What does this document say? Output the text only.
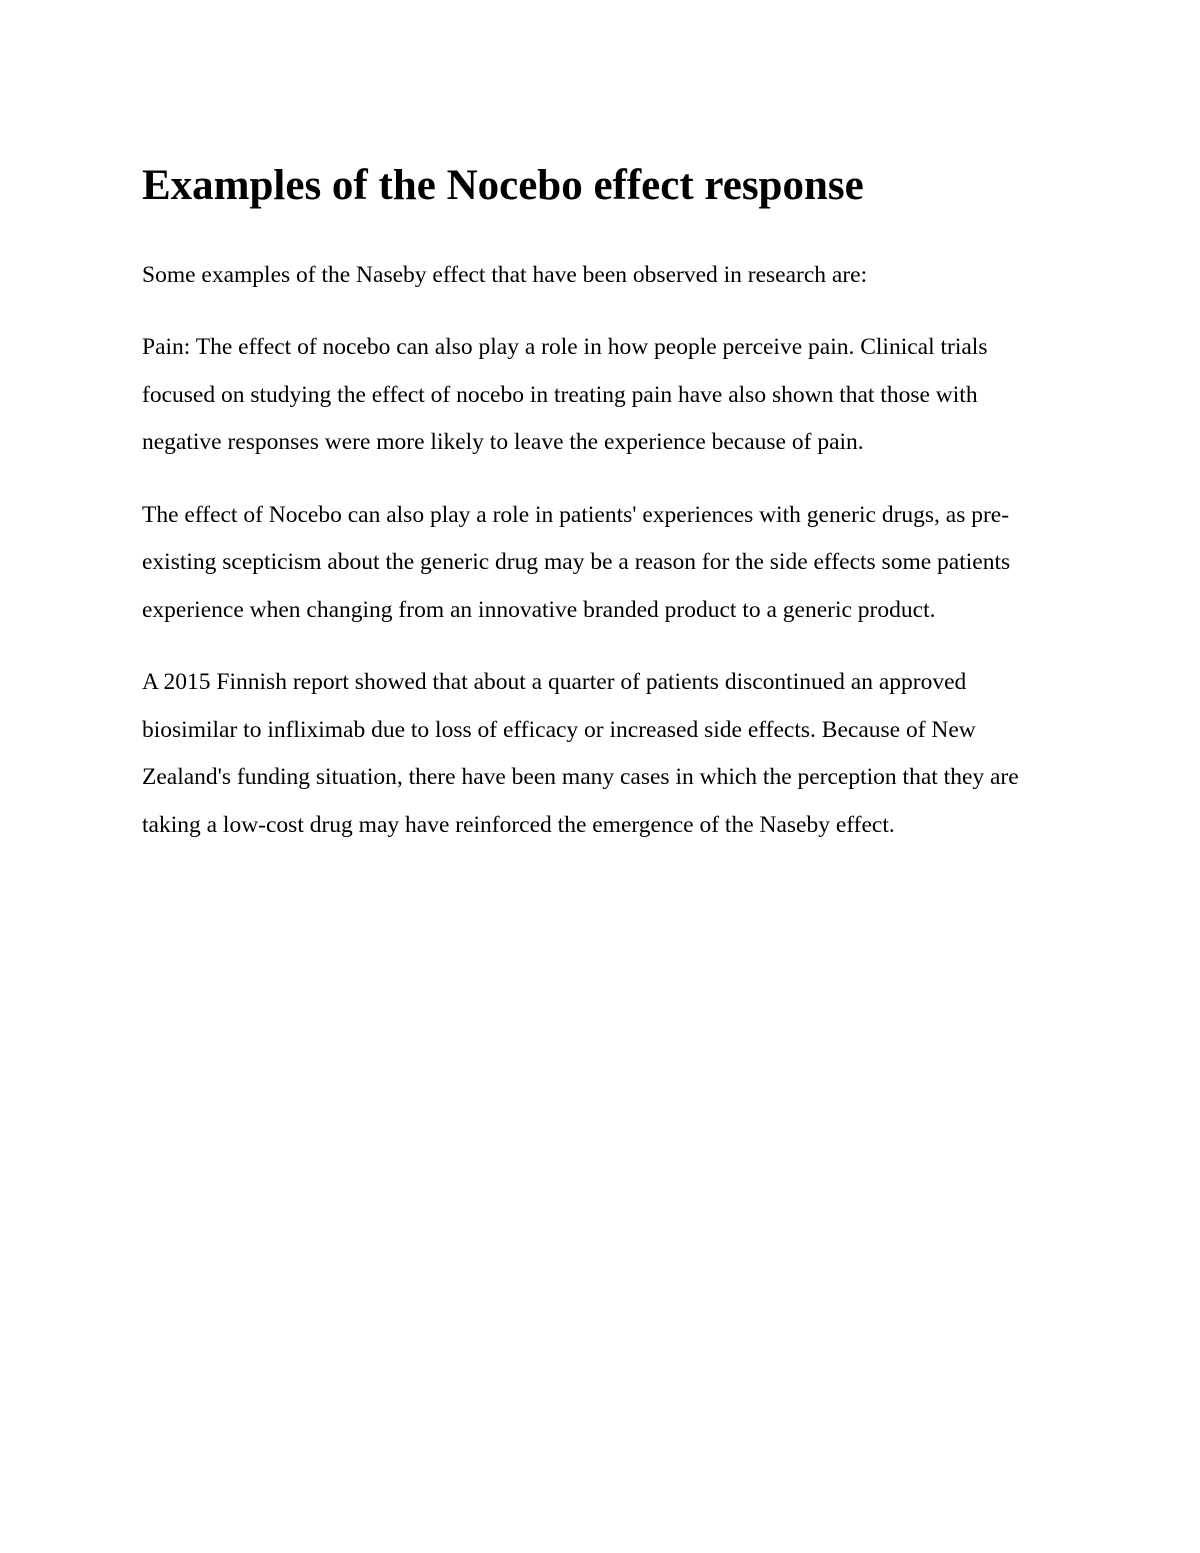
Examples of the Nocebo effect response

Some examples of the Naseby effect that have been observed in research are:

Pain: The effect of nocebo can also play a role in how people perceive pain. Clinical trials focused on studying the effect of nocebo in treating pain have also shown that those with negative responses were more likely to leave the experience because of pain.

The effect of Nocebo can also play a role in patients' experiences with generic drugs, as pre-existing scepticism about the generic drug may be a reason for the side effects some patients experience when changing from an innovative branded product to a generic product.

A 2015 Finnish report showed that about a quarter of patients discontinued an approved biosimilar to infliximab due to loss of efficacy or increased side effects. Because of New Zealand's funding situation, there have been many cases in which the perception that they are taking a low-cost drug may have reinforced the emergence of the Naseby effect.
